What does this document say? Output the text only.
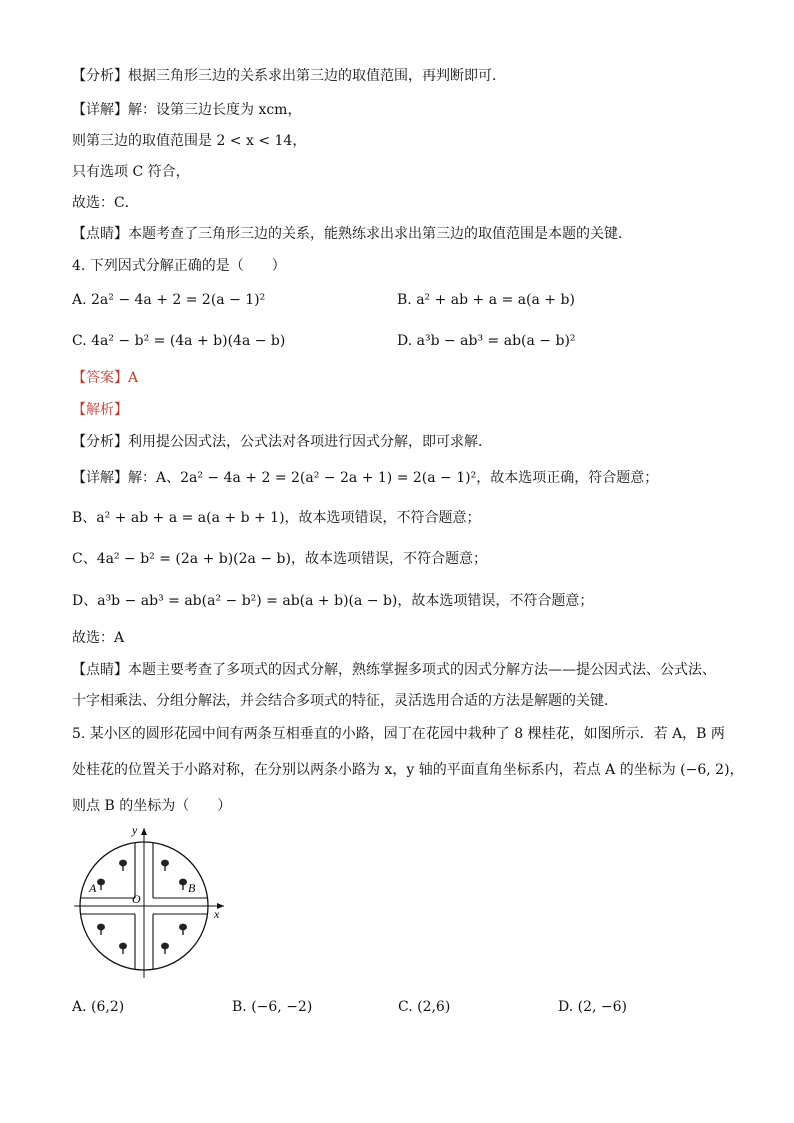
【分析】根据三角形三边的关系求出第三边的取值范围，再判断即可．
【详解】解：设第三边长度为 xcm，
则第三边的取值范围是 2 < x < 14，
只有选项 C 符合，
故选：C．
【点睛】本题考查了三角形三边的关系，能熟练求出求出第三边的取值范围是本题的关键．
4. 下列因式分解正确的是（　　）
A. 2a² − 4a + 2 = 2(a − 1)²	B. a² + ab + a = a(a + b)
C. 4a² − b² = (4a + b)(4a − b)	D. a³b − ab³ = ab(a − b)²
【答案】A
【解析】
【分析】利用提公因式法，公式法对各项进行因式分解，即可求解．
【详解】解：A、2a² − 4a + 2 = 2(a² − 2a + 1) = 2(a − 1)²，故本选项正确，符合题意；
B、a² + ab + a = a(a + b + 1)，故本选项错误，不符合题意；
C、4a² − b² = (2a + b)(2a − b)，故本选项错误，不符合题意；
D、a³b − ab³ = ab(a² − b²) = ab(a + b)(a − b)，故本选项错误，不符合题意；
故选：A
【点睛】本题主要考查了多项式的因式分解，熟练掌握多项式的因式分解方法——提公因式法、公式法、
十字相乘法、分组分解法，并会结合多项式的特征，灵活选用合适的方法是解题的关键．
5. 某小区的圆形花园中间有两条互相垂直的小路，园丁在花园中栽种了 8 棵桂花，如图所示．若 A，B 两
处桂花的位置关于小路对称，在分别以两条小路为 x，y 轴的平面直角坐标系内，若点 A 的坐标为 (−6, 2)，
则点 B 的坐标为（　　）
y
x
O
A	B
A. (6,2)	B. (−6, −2)	C. (2,6)	D. (2, −6)
